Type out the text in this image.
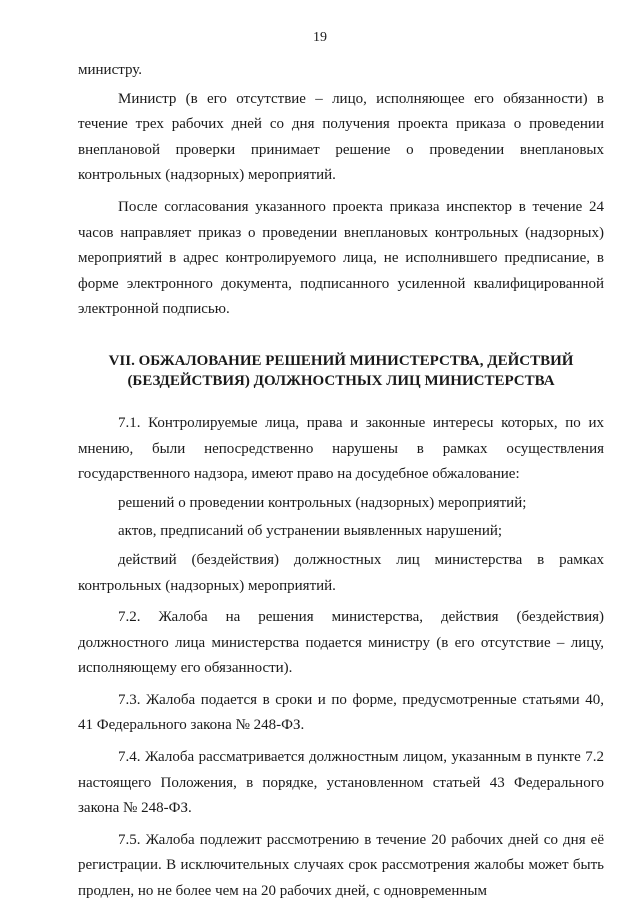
19

министру.

Министр (в его отсутствие – лицо, исполняющее его обязанности) в течение трех рабочих дней со дня получения проекта приказа о проведении внеплановой проверки принимает решение о проведении внеплановых контрольных (надзорных) мероприятий.

После согласования указанного проекта приказа инспектор в течение 24 часов направляет приказ о проведении внеплановых контрольных (надзорных) мероприятий в адрес контролируемого лица, не исполнившего предписание, в форме электронного документа, подписанного усиленной квалифицированной электронной подписью.

VII. ОБЖАЛОВАНИЕ РЕШЕНИЙ МИНИСТЕРСТВА, ДЕЙСТВИЙ
(БЕЗДЕЙСТВИЯ) ДОЛЖНОСТНЫХ ЛИЦ МИНИСТЕРСТВА

7.1. Контролируемые лица, права и законные интересы которых, по их мнению, были непосредственно нарушены в рамках осуществления государственного надзора, имеют право на досудебное обжалование:

решений о проведении контрольных (надзорных) мероприятий;

актов, предписаний об устранении выявленных нарушений;

действий (бездействия) должностных лиц министерства в рамках контрольных (надзорных) мероприятий.

7.2. Жалоба на решения министерства, действия (бездействия) должностного лица министерства подается министру (в его отсутствие – лицу, исполняющему его обязанности).

7.3. Жалоба подается в сроки и по форме, предусмотренные статьями 40, 41 Федерального закона № 248-ФЗ.

7.4. Жалоба рассматривается должностным лицом, указанным в пункте 7.2 настоящего Положения, в порядке, установленном статьей 43 Федерального закона № 248-ФЗ.

7.5. Жалоба подлежит рассмотрению в течение 20 рабочих дней со дня её регистрации. В исключительных случаях срок рассмотрения жалобы может быть продлен, но не более чем на 20 рабочих дней, с одновременным
